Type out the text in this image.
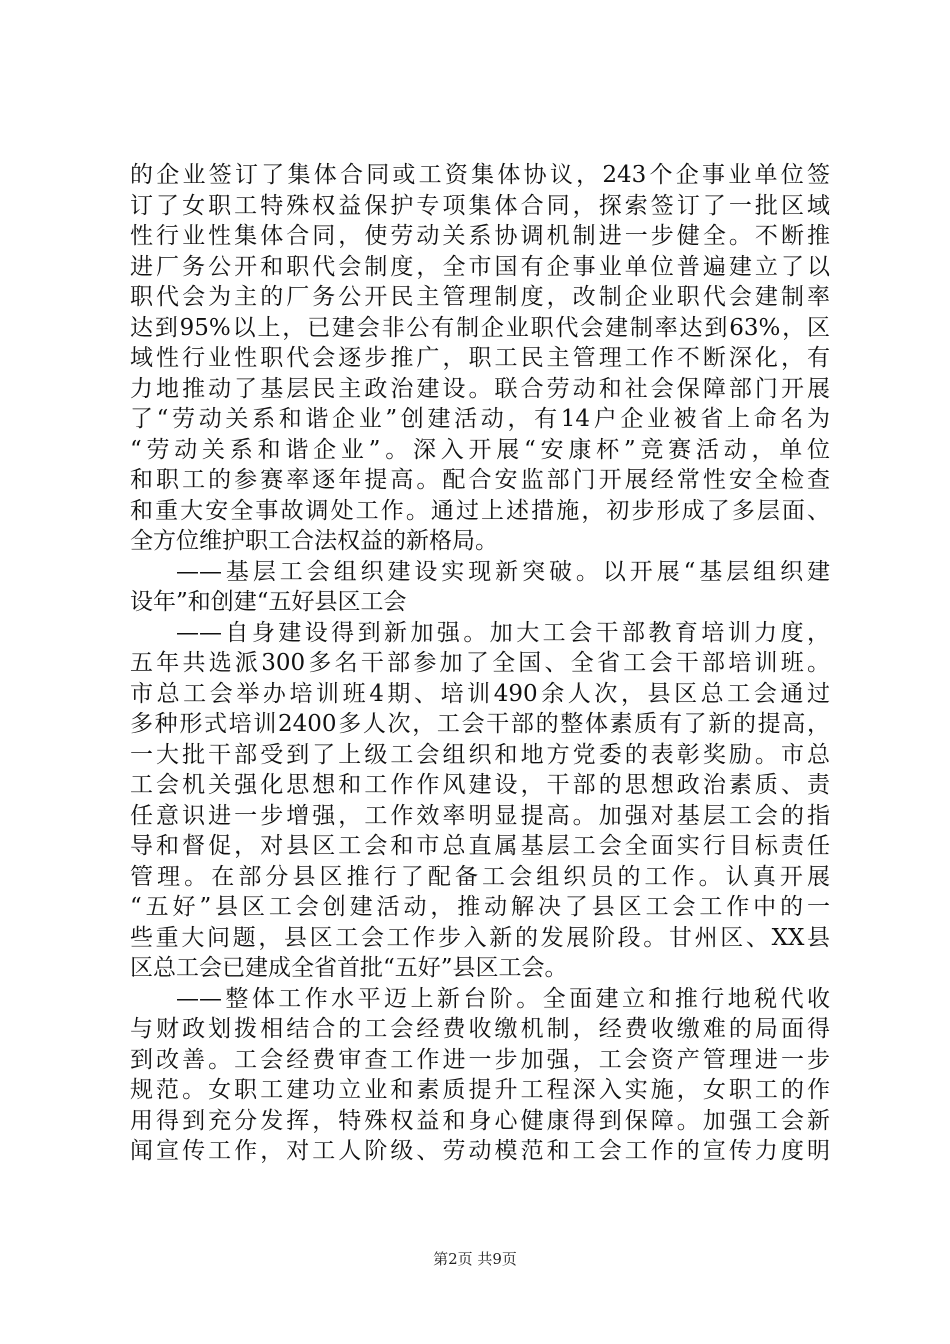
的企业签订了集体合同或工资集体协议，243个企事业单位签
订了女职工特殊权益保护专项集体合同，探索签订了一批区域
性行业性集体合同，使劳动关系协调机制进一步健全。不断推
进厂务公开和职代会制度，全市国有企事业单位普遍建立了以
职代会为主的厂务公开民主管理制度，改制企业职代会建制率
达到95%以上，已建会非公有制企业职代会建制率达到63%，区
域性行业性职代会逐步推广，职工民主管理工作不断深化，有
力地推动了基层民主政治建设。联合劳动和社会保障部门开展
了“劳动关系和谐企业”创建活动，有14户企业被省上命名为
“劳动关系和谐企业”。深入开展“安康杯”竞赛活动，单位
和职工的参赛率逐年提高。配合安监部门开展经常性安全检查
和重大安全事故调处工作。通过上述措施，初步形成了多层面、
全方位维护职工合法权益的新格局。
——基层工会组织建设实现新突破。以开展“基层组织建
设年”和创建“五好县区工会
——自身建设得到新加强。加大工会干部教育培训力度，
五年共选派300多名干部参加了全国、全省工会干部培训班。
市总工会举办培训班4期、培训490余人次，县区总工会通过
多种形式培训2400多人次，工会干部的整体素质有了新的提高，
一大批干部受到了上级工会组织和地方党委的表彰奖励。市总
工会机关强化思想和工作作风建设，干部的思想政治素质、责
任意识进一步增强，工作效率明显提高。加强对基层工会的指
导和督促，对县区工会和市总直属基层工会全面实行目标责任
管理。在部分县区推行了配备工会组织员的工作。认真开展
“五好”县区工会创建活动，推动解决了县区工会工作中的一
些重大问题，县区工会工作步入新的发展阶段。甘州区、XX县
区总工会已建成全省首批“五好”县区工会。
——整体工作水平迈上新台阶。全面建立和推行地税代收
与财政划拨相结合的工会经费收缴机制，经费收缴难的局面得
到改善。工会经费审查工作进一步加强，工会资产管理进一步
规范。女职工建功立业和素质提升工程深入实施，女职工的作
用得到充分发挥，特殊权益和身心健康得到保障。加强工会新
闻宣传工作，对工人阶级、劳动模范和工会工作的宣传力度明
第2页 共9页
